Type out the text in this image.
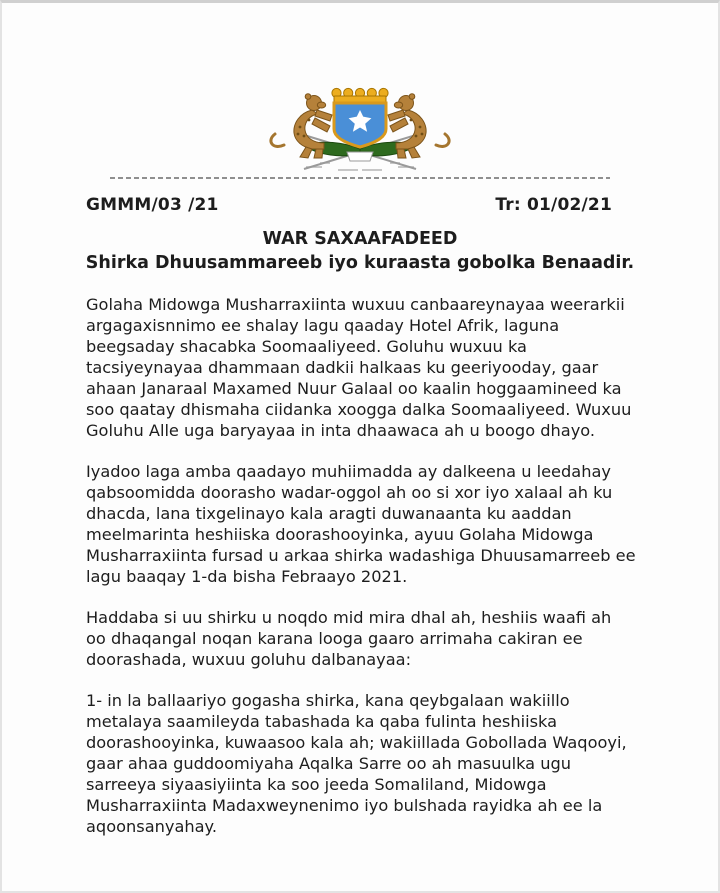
GMMM/03 /21	Tr: 01/02/21
WAR SAXAAFADEED
Shirka Dhuusammareeb iyo kuraasta gobolka Benaadir.

Golaha Midowga Musharraxiinta wuxuu canbaareynayaa weerarkii argagaxisnnimo ee shalay lagu qaaday Hotel Afrik, laguna beegsaday shacabka Soomaaliyeed. Goluhu wuxuu ka tacsiyeynayaa dhammaan dadkii halkaas ku geeriyooday, gaar ahaan Janaraal Maxamed Nuur Galaal oo kaalin hoggaamineed ka soo qaatay dhismaha ciidanka xoogga dalka Soomaaliyeed. Wuxuu Goluhu Alle uga baryayaa in inta dhaawaca ah u boogo dhayo.

Iyadoo laga amba qaadayo muhiimadda ay dalkeena u leedahay qabsoomidda doorasho wadar-oggol ah oo si xor iyo xalaal ah ku dhacda, lana tixgelinayo kala aragti duwanaanta ku aaddan meelmarinta heshiiska doorashooyinka, ayuu Golaha Midowga Musharraxiinta fursad u arkaa shirka wadashiga Dhuusamarreeb ee lagu baaqay 1-da bisha Febraayo 2021.

Haddaba si uu shirku u noqdo mid mira dhal ah, heshiis waafi ah oo dhaqangal noqan karana looga gaaro arrimaha cakiran ee doorashada, wuxuu goluhu dalbanayaa:

1- in la ballaariyo gogasha shirka, kana qeybgalaan wakiillo metalaya saamileyda tabashada ka qaba fulinta heshiiska doorashooyinka, kuwaasoo kala ah; wakiillada Gobollada Waqooyi, gaar ahaa guddoomiyaha Aqalka Sarre oo ah masuulka ugu sarreeya siyaasiyiinta ka soo jeeda Somaliland, Midowga Musharraxiinta Madaxweynenimo iyo bulshada rayidka ah ee la aqoonsanyahay.
